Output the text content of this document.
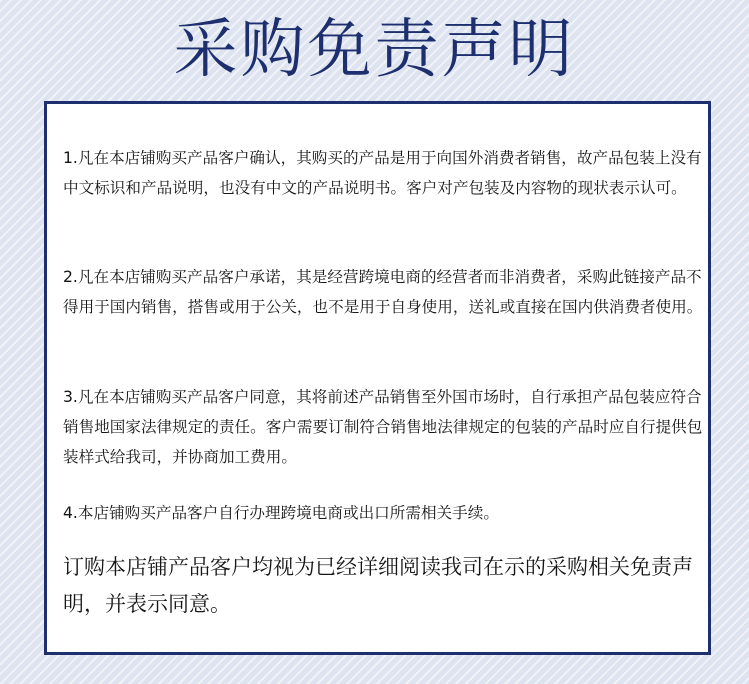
采购免责声明

1.凡在本店铺购买产品客户确认，其购买的产品是用于向国外消费者销售，故产品包装上没有中文标识和产品说明，也没有中文的产品说明书。客户对产包装及内容物的现状表示认可。

2.凡在本店铺购买产品客户承诺，其是经营跨境电商的经营者而非消费者，采购此链接产品不得用于国内销售，搭售或用于公关，也不是用于自身使用，送礼或直接在国内供消费者使用。

3.凡在本店铺购买产品客户同意，其将前述产品销售至外国市场时，自行承担产品包装应符合销售地国家法律规定的责任。客户需要订制符合销售地法律规定的包装的产品时应自行提供包装样式给我司，并协商加工费用。

4.本店铺购买产品客户自行办理跨境电商或出口所需相关手续。

订购本店铺产品客户均视为已经详细阅读我司在示的采购相关免责声明，并表示同意。
